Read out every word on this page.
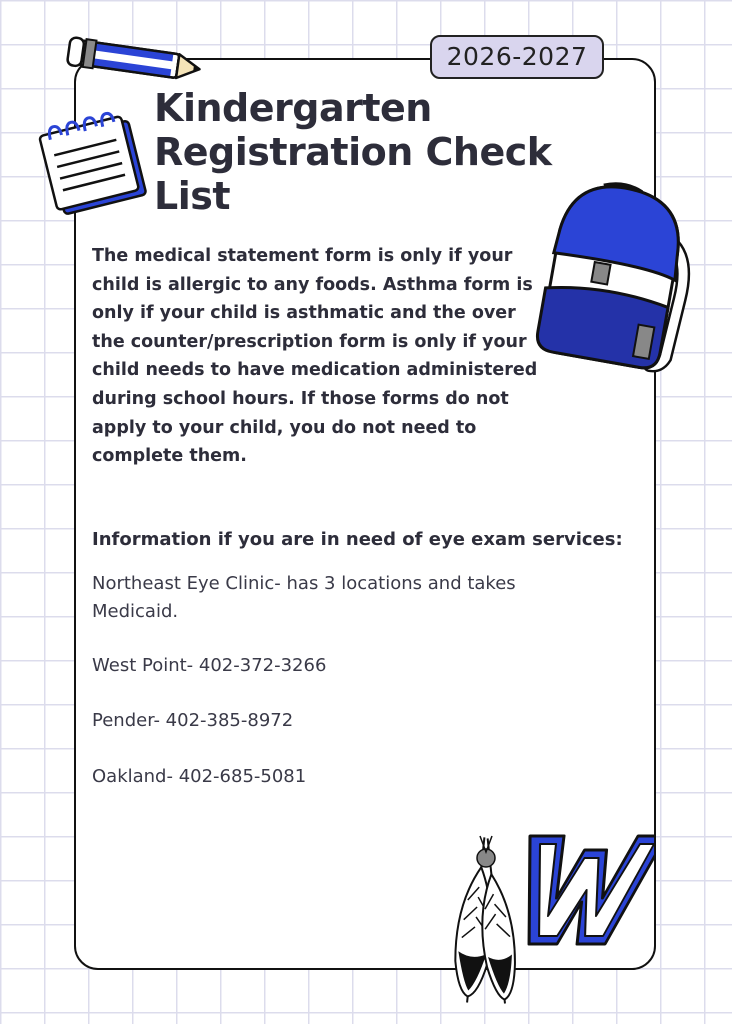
2026-2027
Kindergarten Registration Check List

The medical statement form is only if your child is allergic to any foods. Asthma form is only if your child is asthmatic and the over the counter/prescription form is only if your child needs to have medication administered during school hours. If those forms do not apply to your child, you do not need to complete them.

Information if you are in need of eye exam services:

Northeast Eye Clinic- has 3 locations and takes Medicaid.

West Point- 402-372-3266

Pender- 402-385-8972

Oakland- 402-685-5081

W
